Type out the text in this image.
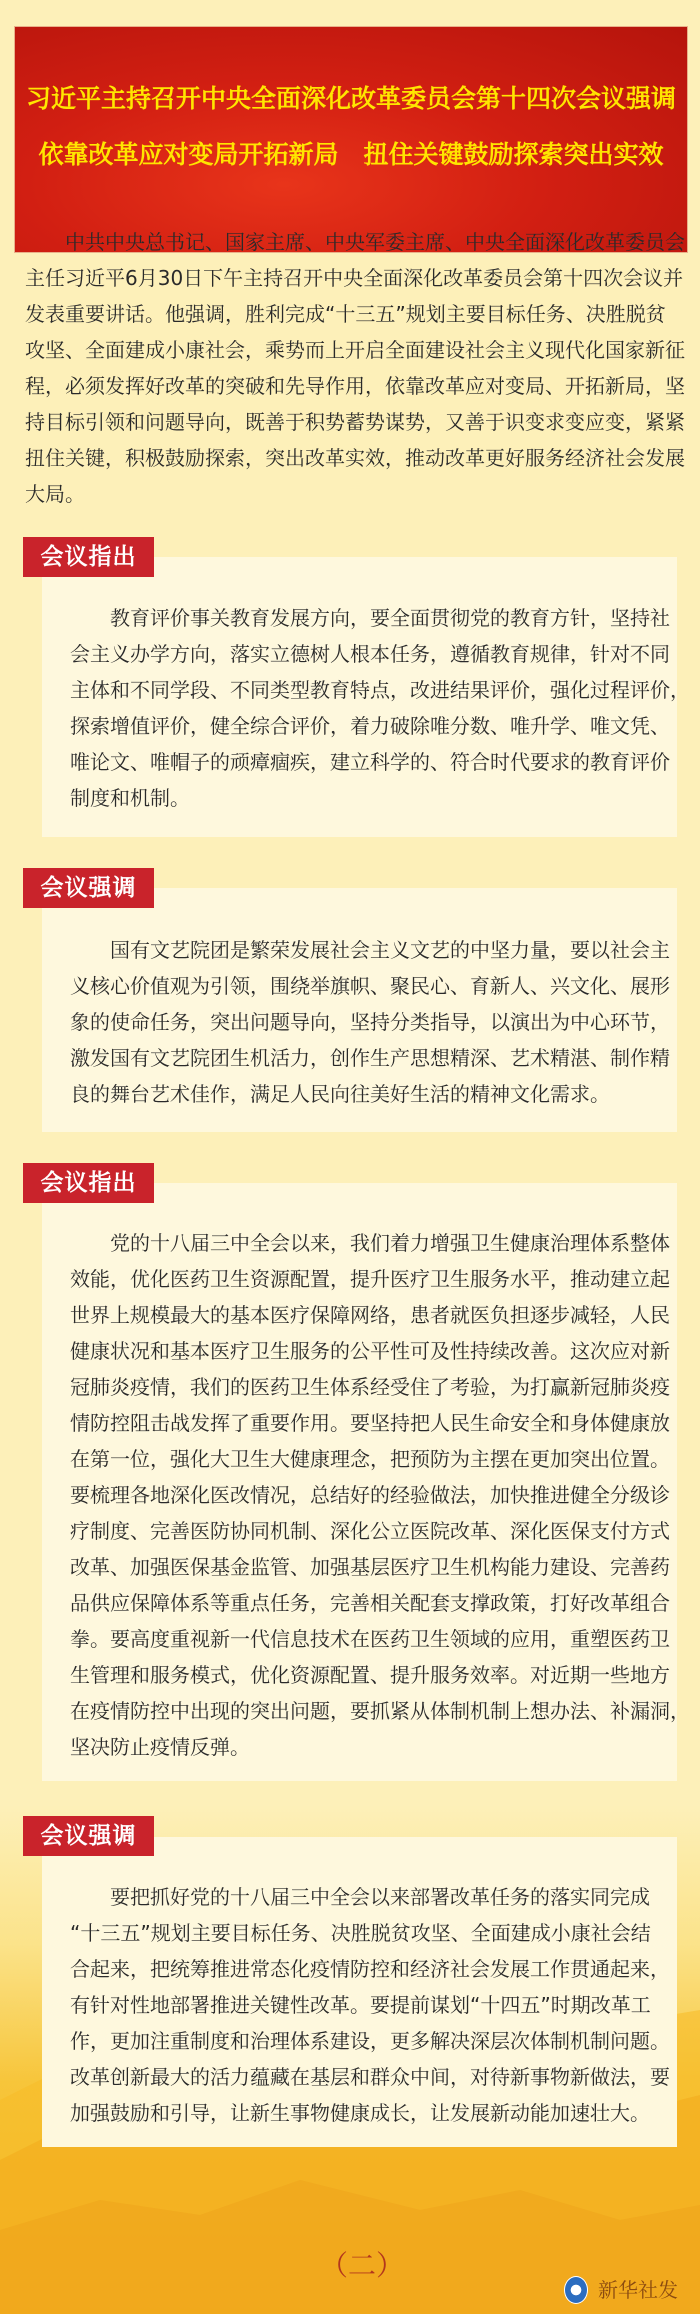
习近平主持召开中央全面深化改革委员会第十四次会议强调
依靠改革应对变局开拓新局　扭住关键鼓励探索突出实效
　　中共中央总书记、国家主席、中央军委主席、中央全面深化改革委员会
主任习近平6月30日下午主持召开中央全面深化改革委员会第十四次会议并
发表重要讲话。他强调，胜利完成“十三五”规划主要目标任务、决胜脱贫
攻坚、全面建成小康社会，乘势而上开启全面建设社会主义现代化国家新征
程，必须发挥好改革的突破和先导作用，依靠改革应对变局、开拓新局，坚
持目标引领和问题导向，既善于积势蓄势谋势，又善于识变求变应变，紧紧
扭住关键，积极鼓励探索，突出改革实效，推动改革更好服务经济社会发展
大局。
会议指出
　　教育评价事关教育发展方向，要全面贯彻党的教育方针，坚持社
会主义办学方向，落实立德树人根本任务，遵循教育规律，针对不同
主体和不同学段、不同类型教育特点，改进结果评价，强化过程评价，
探索增值评价，健全综合评价，着力破除唯分数、唯升学、唯文凭、
唯论文、唯帽子的顽瘴痼疾，建立科学的、符合时代要求的教育评价
制度和机制。
会议强调
　　国有文艺院团是繁荣发展社会主义文艺的中坚力量，要以社会主
义核心价值观为引领，围绕举旗帜、聚民心、育新人、兴文化、展形
象的使命任务，突出问题导向，坚持分类指导，以演出为中心环节，
激发国有文艺院团生机活力，创作生产思想精深、艺术精湛、制作精
良的舞台艺术佳作，满足人民向往美好生活的精神文化需求。
会议指出
　　党的十八届三中全会以来，我们着力增强卫生健康治理体系整体
效能，优化医药卫生资源配置，提升医疗卫生服务水平，推动建立起
世界上规模最大的基本医疗保障网络，患者就医负担逐步减轻，人民
健康状况和基本医疗卫生服务的公平性可及性持续改善。这次应对新
冠肺炎疫情，我们的医药卫生体系经受住了考验，为打赢新冠肺炎疫
情防控阻击战发挥了重要作用。要坚持把人民生命安全和身体健康放
在第一位，强化大卫生大健康理念，把预防为主摆在更加突出位置。
要梳理各地深化医改情况，总结好的经验做法，加快推进健全分级诊
疗制度、完善医防协同机制、深化公立医院改革、深化医保支付方式
改革、加强医保基金监管、加强基层医疗卫生机构能力建设、完善药
品供应保障体系等重点任务，完善相关配套支撑政策，打好改革组合
拳。要高度重视新一代信息技术在医药卫生领域的应用，重塑医药卫
生管理和服务模式，优化资源配置、提升服务效率。对近期一些地方
在疫情防控中出现的突出问题，要抓紧从体制机制上想办法、补漏洞，
坚决防止疫情反弹。
会议强调
　　要把抓好党的十八届三中全会以来部署改革任务的落实同完成
“十三五”规划主要目标任务、决胜脱贫攻坚、全面建成小康社会结
合起来，把统筹推进常态化疫情防控和经济社会发展工作贯通起来，
有针对性地部署推进关键性改革。要提前谋划“十四五”时期改革工
作，更加注重制度和治理体系建设，更多解决深层次体制机制问题。
改革创新最大的活力蕴藏在基层和群众中间，对待新事物新做法，要
加强鼓励和引导，让新生事物健康成长，让发展新动能加速壮大。
（二）
新华社发
